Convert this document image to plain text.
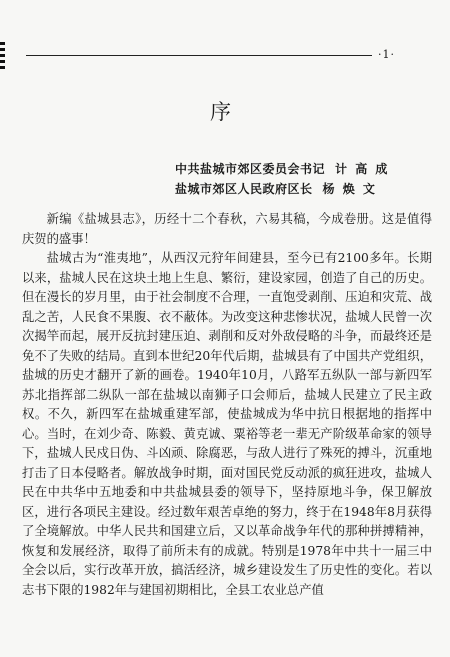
·1·
序
中共盐城市郊区委员会书记 计 高 成
盐城市郊区人民政府区长 杨 焕 文

新编《盐城县志》，历经十二个春秋，六易其稿，今成卷册。这是值得庆贺的盛事！

盐城古为“淮夷地”，从西汉元狩年间建县，至今已有2100多年。长期以来，盐城人民在这块土地上生息、繁衍，建设家园，创造了自己的历史。但在漫长的岁月里，由于社会制度不合理，一直饱受剥削、压迫和灾荒、战乱之苦，人民食不果腹、衣不蔽体。为改变这种悲惨状况，盐城人民曾一次次揭竿而起，展开反抗封建压迫、剥削和反对外敌侵略的斗争，而最终还是免不了失败的结局。直到本世纪20年代后期，盐城县有了中国共产党组织，盐城的历史才翻开了新的画卷。1940年10月，八路军五纵队一部与新四军苏北指挥部二纵队一部在盐城以南狮子口会师后，盐城人民建立了民主政权。不久，新四军在盐城重建军部，使盐城成为华中抗日根据地的指挥中心。当时，在刘少奇、陈毅、黄克诚、粟裕等老一辈无产阶级革命家的领导下，盐城人民戍日伪、斗凶顽、除腐恶，与敌人进行了殊死的搏斗，沉重地打击了日本侵略者。解放战争时期，面对国民党反动派的疯狂进攻，盐城人民在中共华中五地委和中共盐城县委的领导下，坚持原地斗争，保卫解放区，进行各项民主建设。经过数年艰苦卓绝的努力，终于在1948年8月获得了全境解放。中华人民共和国建立后，又以革命战争年代的那种拼搏精神，恢复和发展经济，取得了前所未有的成就。特别是1978年中共十一届三中全会以后，实行改革开放，搞活经济，城乡建设发生了历史性的变化。若以志书下限的1982年与建国初期相比，全县工农业总产值
